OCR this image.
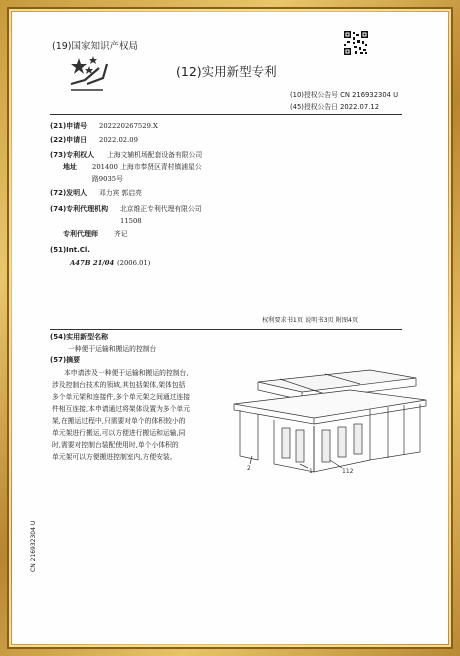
(19)国家知识产权局
(12)实用新型专利
(10)授权公告号 CN 216932304 U
(45)授权公告日 2022.07.12
(21)申请号 202220267529.X
(22)申请日 2022.02.09
(73)专利权人 上海文辅机场配套设备有限公司
地址 201400 上海市奉贤区青村镇浦星公
路9035号
(72)发明人 邓力宾 郭启亮
(74)专利代理机构 北京维正专利代理有限公司
11508
专利代理师 齐记
(51)Int.Cl.
A47B 21/04 (2006.01)
权利要求书1页 说明书3页 附图4页
(54)实用新型名称
一种便于运输和搬运的控制台
(57)摘要
本申请涉及一种便于运输和搬运的控制台,
涉及控制台技术的领域,其包括架体,架体包括
多个单元架和连接件,多个单元架之间通过连接
件相互连接,本申请通过将架体设置为多个单元
架,在搬运过程中,只需要对单个的体积较小的
单元架进行搬运,可以方便进行搬运和运输,同
时,需要对控制台装配使用时,单个小体积的
单元架可以方便搬进控制室内,方便安装。
2	1	112
CN 216932304 U
